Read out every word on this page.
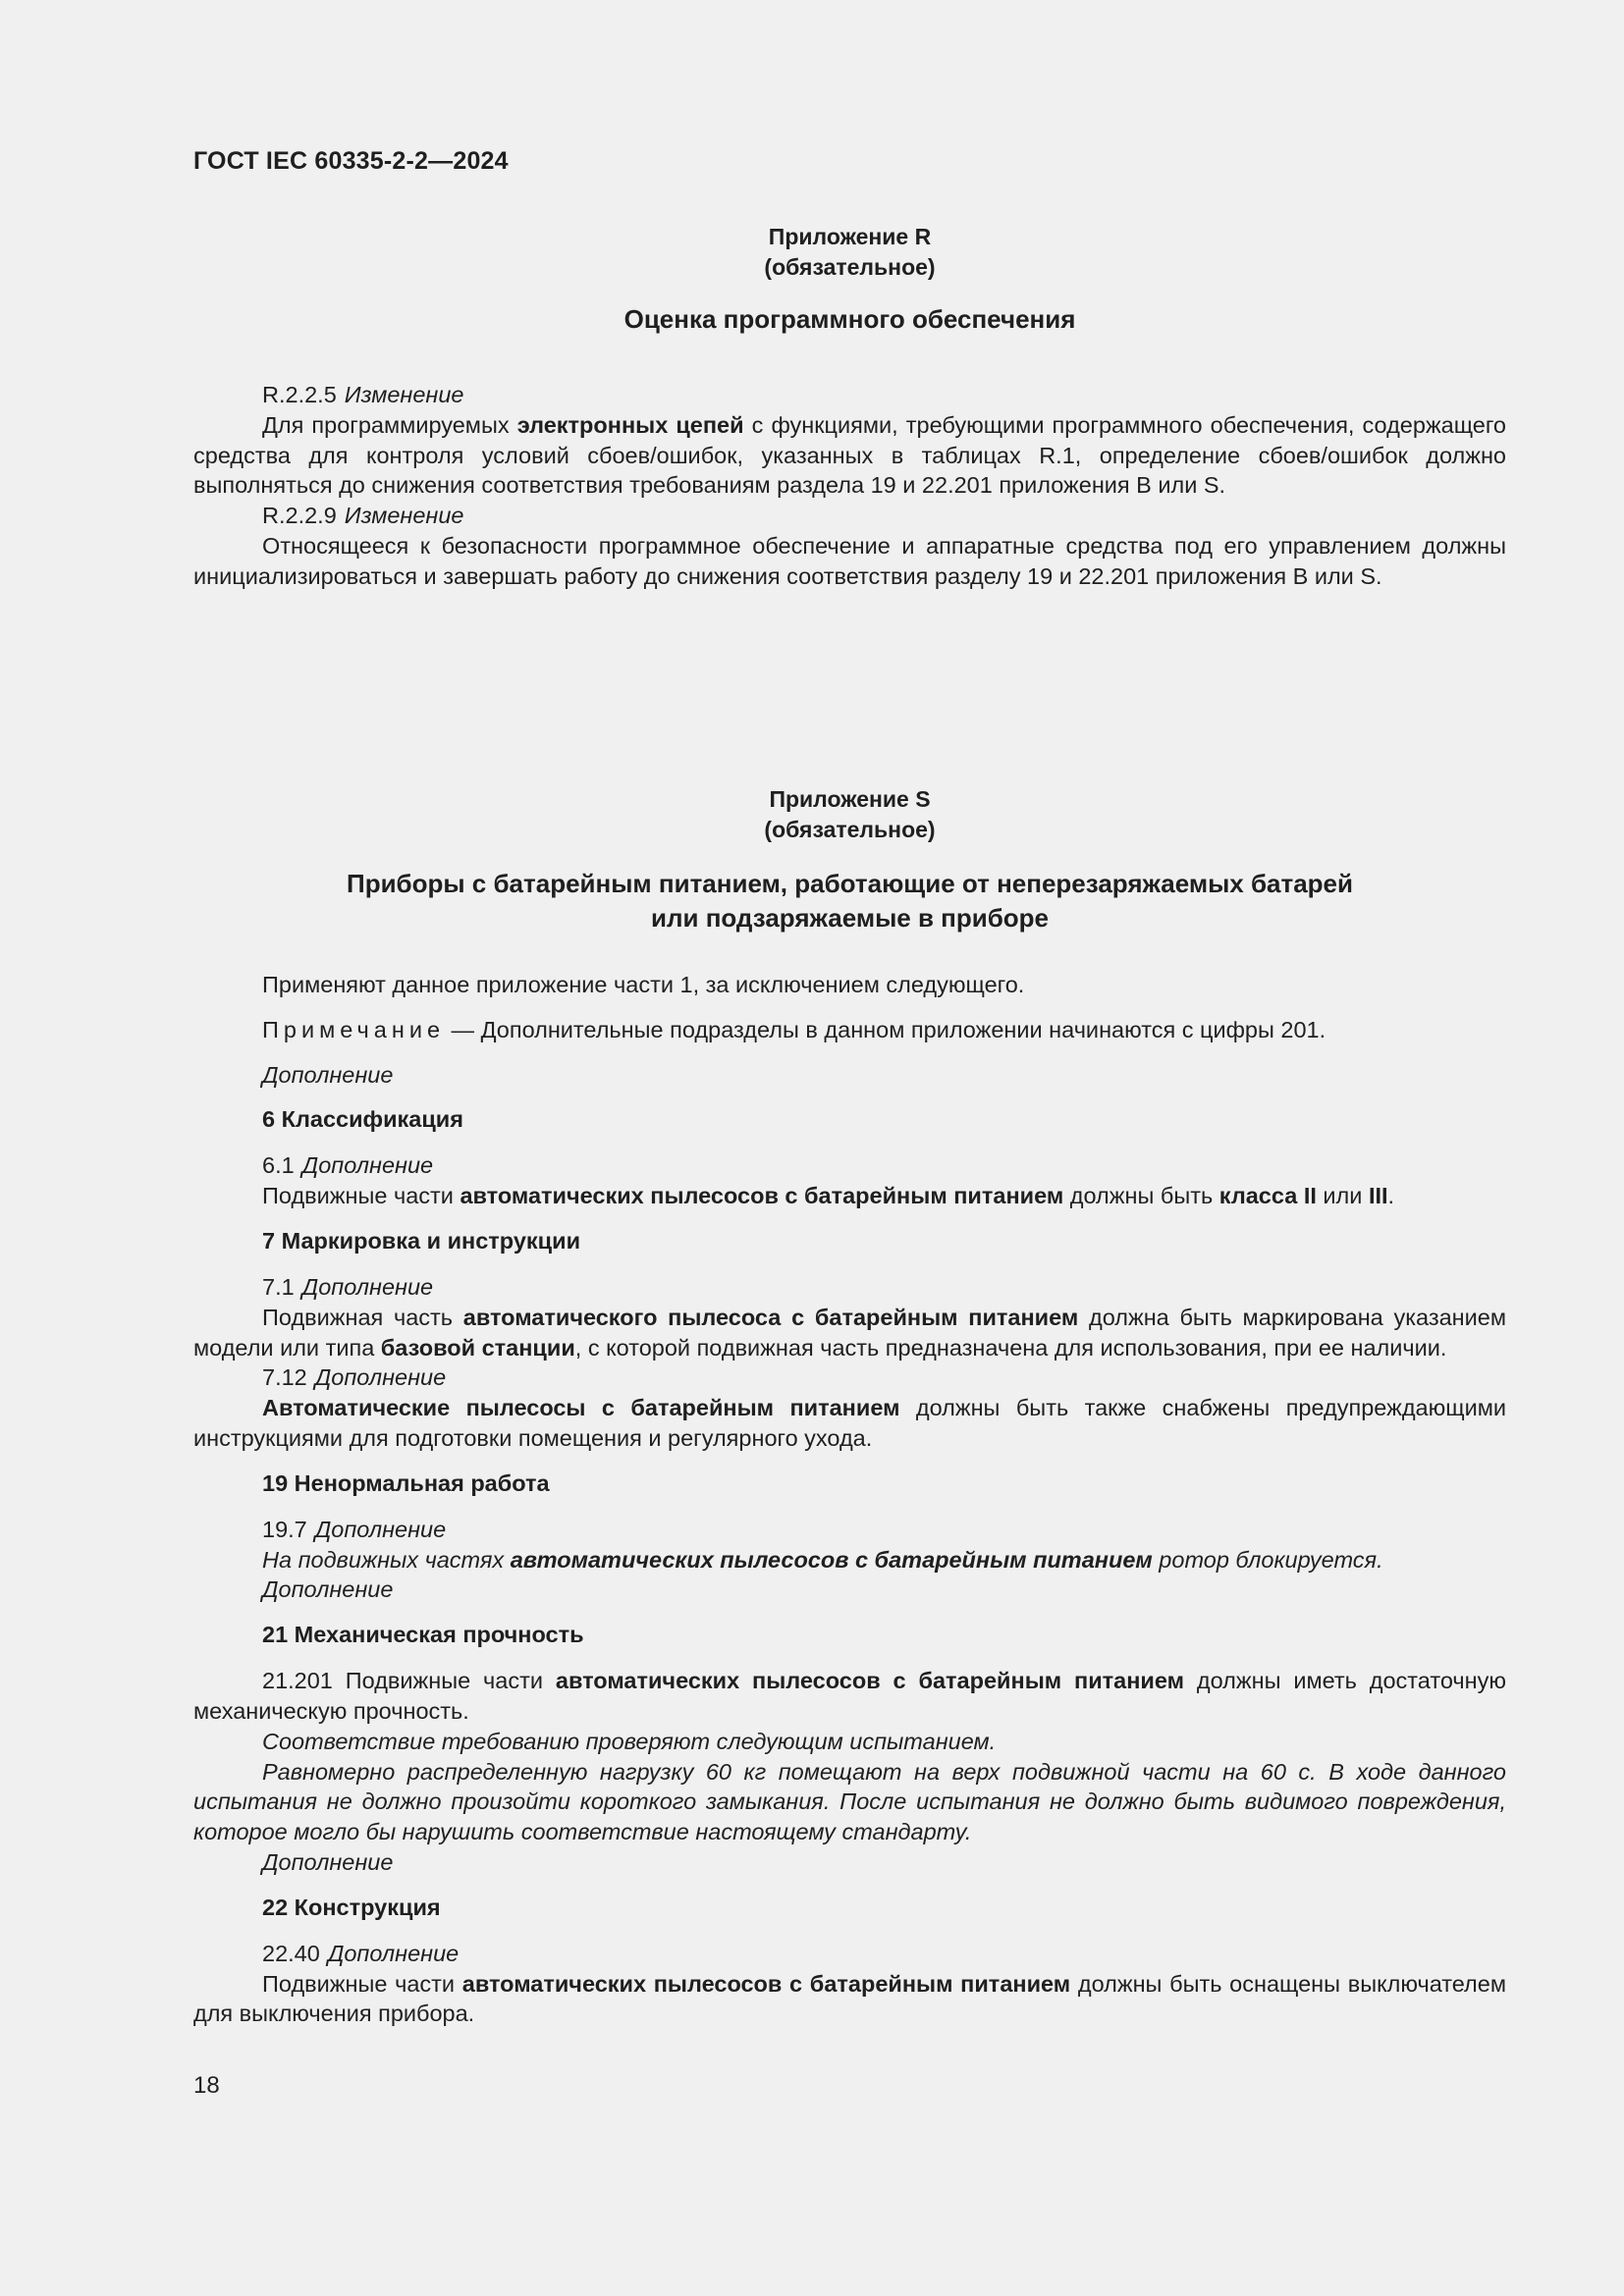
ГОСТ IEC 60335-2-2—2024
Приложение R
(обязательное)
Оценка программного обеспечения

R.2.2.5 Изменение

Для программируемых электронных цепей с функциями, требующими программного обеспечения, содержащего средства для контроля условий сбоев/ошибок, указанных в таблицах R.1, определение сбоев/ошибок должно выполняться до снижения соответствия требованиям раздела 19 и 22.201 приложения B или S.

R.2.2.9 Изменение

Относящееся к безопасности программное обеспечение и аппаратные средства под его управлением должны инициализироваться и завершать работу до снижения соответствия разделу 19 и 22.201 приложения B или S.

Приложение S
(обязательное)
Приборы с батарейным питанием, работающие от неперезаряжаемых батарей
или подзаряжаемые в приборе

Применяют данное приложение части 1, за исключением следующего.

Примечание — Дополнительные подразделы в данном приложении начинаются с цифры 201.

Дополнение

6 Классификация

6.1 Дополнение

Подвижные части автоматических пылесосов с батарейным питанием должны быть класса II или III.

7 Маркировка и инструкции

7.1 Дополнение

Подвижная часть автоматического пылесоса с батарейным питанием должна быть маркирована указанием модели или типа базовой станции, с которой подвижная часть предназначена для использования, при ее наличии.

7.12 Дополнение

Автоматические пылесосы с батарейным питанием должны быть также снабжены предупреждающими инструкциями для подготовки помещения и регулярного ухода.

19 Ненормальная работа

19.7 Дополнение

На подвижных частях автоматических пылесосов с батарейным питанием ротор блокируется.

Дополнение

21 Механическая прочность

21.201 Подвижные части автоматических пылесосов с батарейным питанием должны иметь достаточную механическую прочность.

Соответствие требованию проверяют следующим испытанием.

Равномерно распределенную нагрузку 60 кг помещают на верх подвижной части на 60 с. В ходе данного испытания не должно произойти короткого замыкания. После испытания не должно быть видимого повреждения, которое могло бы нарушить соответствие настоящему стандарту.

Дополнение

22 Конструкция

22.40 Дополнение

Подвижные части автоматических пылесосов с батарейным питанием должны быть оснащены выключателем для выключения прибора.

18
